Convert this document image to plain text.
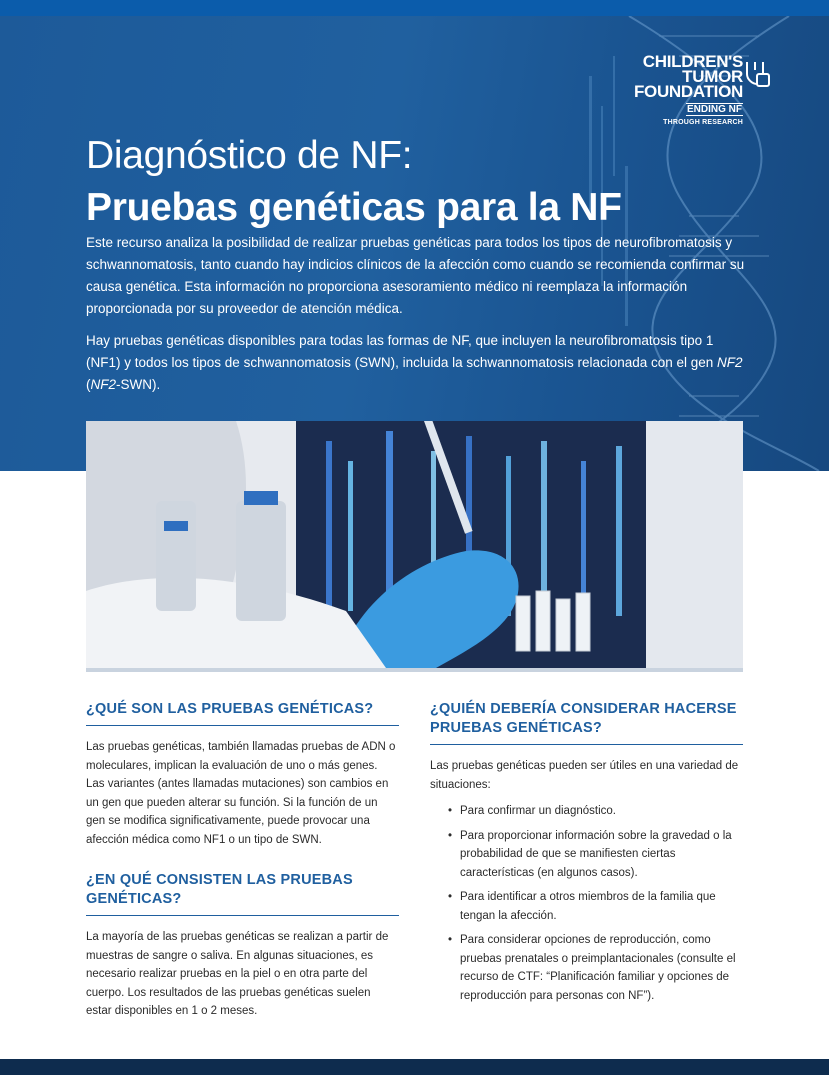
CHILDREN'S
TUMOR
FOUNDATION
ENDING NF
THROUGH RESEARCH
Diagnóstico de NF:
Pruebas genéticas para la NF

Este recurso analiza la posibilidad de realizar pruebas genéticas para todos los tipos de neurofibromatosis y schwannomatosis, tanto cuando hay indicios clínicos de la afección como cuando se recomienda confirmar su causa genética. Esta información no proporciona asesoramiento médico ni reemplaza la información proporcionada por su proveedor de atención médica.

Hay pruebas genéticas disponibles para todas las formas de NF, que incluyen la neurofibromatosis tipo 1 (NF1) y todos los tipos de schwannomatosis (SWN), incluida la schwannomatosis relacionada con el gen NF2 (NF2-SWN).

¿QUÉ SON LAS PRUEBAS GENÉTICAS?
Las pruebas genéticas, también llamadas pruebas de ADN o moleculares, implican la evaluación de uno o más genes. Las variantes (antes llamadas mutaciones) son cambios en un gen que pueden alterar su función. Si la función de un gen se modifica significativamente, puede provocar una afección médica como NF1 o un tipo de SWN.
¿EN QUÉ CONSISTEN LAS PRUEBAS GENÉTICAS?
La mayoría de las pruebas genéticas se realizan a partir de muestras de sangre o saliva. En algunas situaciones, es necesario realizar pruebas en la piel o en otra parte del cuerpo. Los resultados de las pruebas genéticas suelen estar disponibles en 1 o 2 meses.
¿QUIÉN DEBERÍA CONSIDERAR HACERSE PRUEBAS GENÉTICAS?
Las pruebas genéticas pueden ser útiles en una variedad de situaciones:
• Para confirmar un diagnóstico.
• Para proporcionar información sobre la gravedad o la probabilidad de que se manifiesten ciertas características (en algunos casos).
• Para identificar a otros miembros de la familia que tengan la afección.
• Para considerar opciones de reproducción, como pruebas prenatales o preimplantacionales (consulte el recurso de CTF: “Planificación familiar y opciones de reproducción para personas con NF”).
